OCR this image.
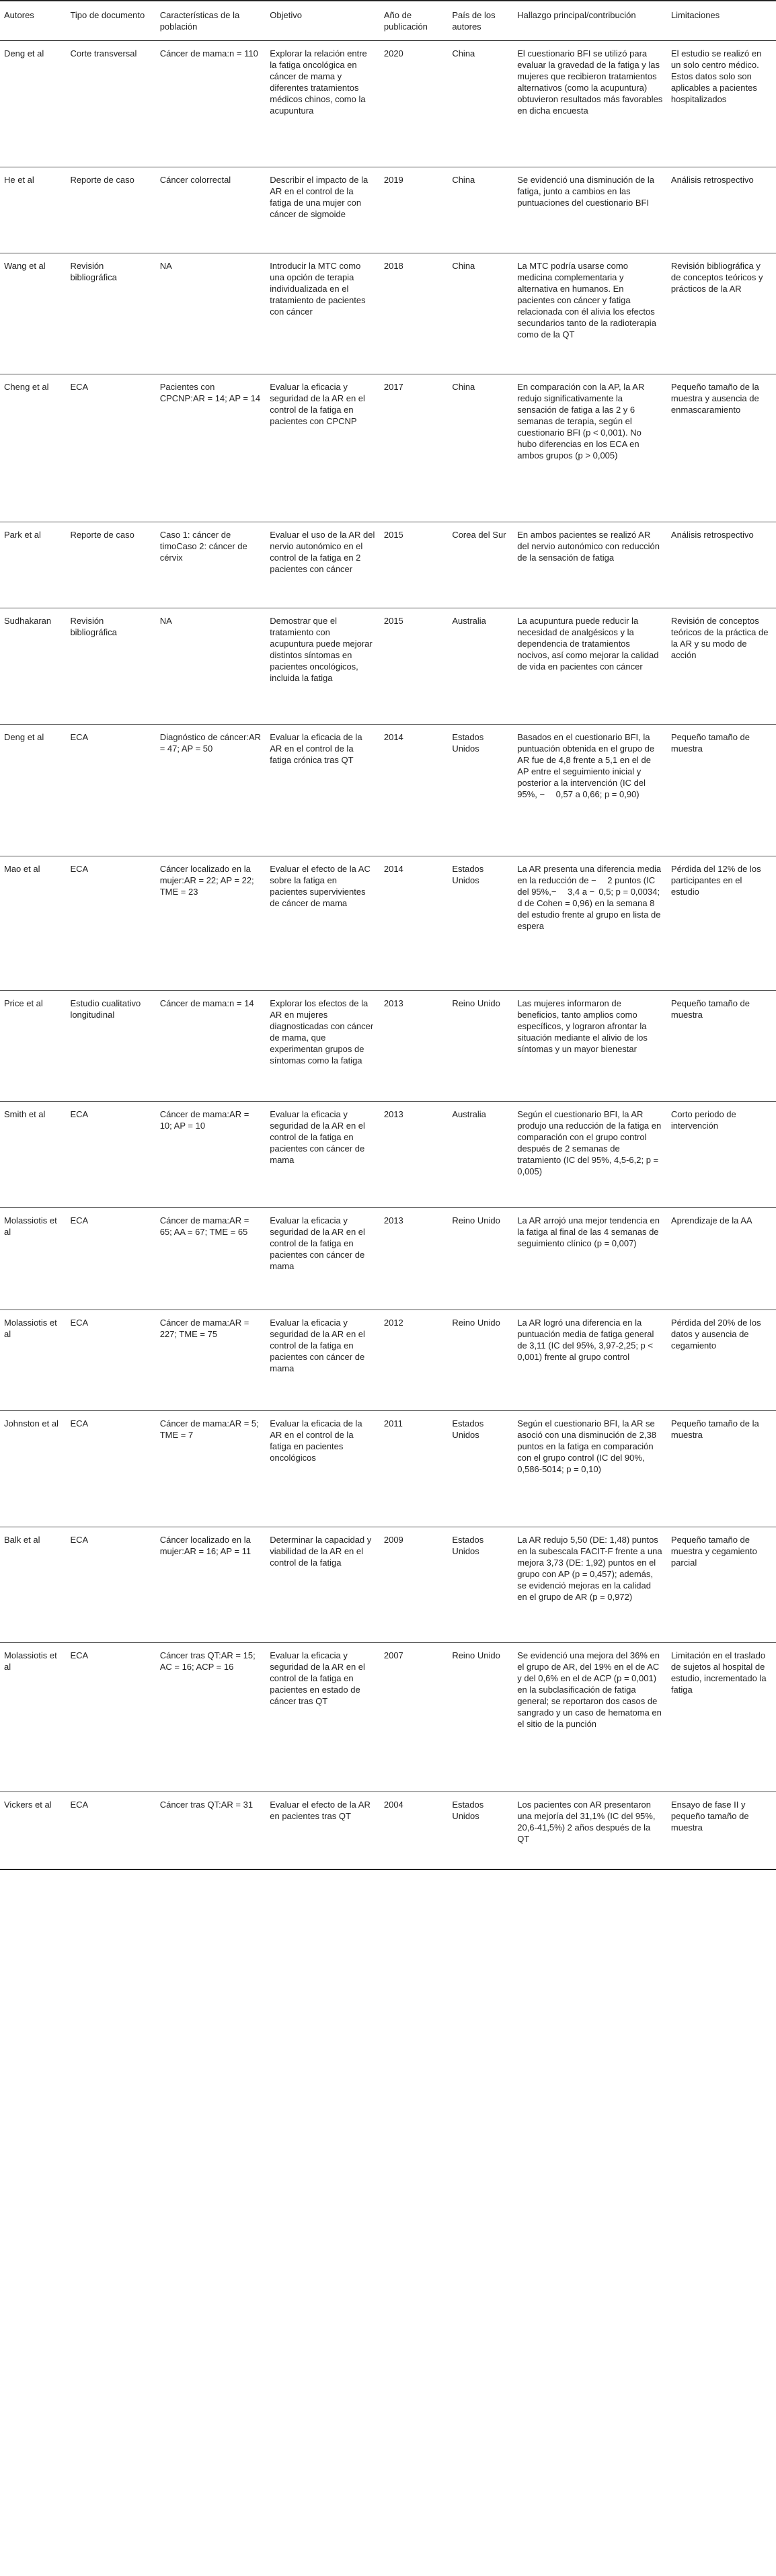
Autores	Tipo de documento	Características de la población	Objetivo	Año de publicación	País de los autores	Hallazgo principal/contribución	Limitaciones
Deng et al	Corte transversal	Cáncer de mama:n = 110	Explorar la relación entre la fatiga oncológica en cáncer de mama y diferentes tratamientos médicos chinos, como la acupuntura	2020	China	El cuestionario BFI se utilizó para evaluar la gravedad de la fatiga y las mujeres que recibieron tratamientos alternativos (como la acupuntura) obtuvieron resultados más favorables en dicha encuesta	El estudio se realizó en un solo centro médico. Estos datos solo son aplicables a pacientes hospitalizados
He et al	Reporte de caso	Cáncer colorrectal	Describir el impacto de la AR en el control de la fatiga de una mujer con cáncer de sigmoide	2019	China	Se evidenció una disminución de la fatiga, junto a cambios en las puntuaciones del cuestionario BFI	Análisis retrospectivo
Wang et al	Revisión bibliográfica	NA	Introducir la MTC como una opción de terapia individualizada en el tratamiento de pacientes con cáncer	2018	China	La MTC podría usarse como medicina complementaria y alternativa en humanos. En pacientes con cáncer y fatiga relacionada con él alivia los efectos secundarios tanto de la radioterapia como de la QT	Revisión bibliográfica y de conceptos teóricos y prácticos de la AR
Cheng et al	ECA	Pacientes con CPCNP:AR = 14; AP = 14	Evaluar la eficacia y seguridad de la AR en el control de la fatiga en pacientes con CPCNP	2017	China	En comparación con la AP, la AR redujo significativamente la sensación de fatiga a las 2 y 6 semanas de terapia, según el cuestionario BFI (p < 0,001). No hubo diferencias en los ECA en ambos grupos (p > 0,005)	Pequeño tamaño de la muestra y ausencia de enmascaramiento
Park et al	Reporte de caso	Caso 1: cáncer de timoCaso 2: cáncer de cérvix	Evaluar el uso de la AR del nervio autonómico en el control de la fatiga en 2 pacientes con cáncer	2015	Corea del Sur	En ambos pacientes se realizó AR del nervio autonómico con reducción de la sensación de fatiga	Análisis retrospectivo
Sudhakaran	Revisión bibliográfica	NA	Demostrar que el tratamiento con acupuntura puede mejorar distintos síntomas en pacientes oncológicos, incluida la fatiga	2015	Australia	La acupuntura puede reducir la necesidad de analgésicos y la dependencia de tratamientos nocivos, así como mejorar la calidad de vida en pacientes con cáncer	Revisión de conceptos teóricos de la práctica de la AR y su modo de acción
Deng et al	ECA	Diagnóstico de cáncer:AR = 47; AP = 50	Evaluar la eficacia de la AR en el control de la fatiga crónica tras QT	2014	Estados Unidos	Basados en el cuestionario BFI, la puntuación obtenida en el grupo de AR fue de 4,8 frente a 5,1 en el de AP entre el seguimiento inicial y posterior a la intervención (IC del 95%, −  0,57 a 0,66; p = 0,90)	Pequeño tamaño de muestra
Mao et al	ECA	Cáncer localizado en la mujer:AR = 22; AP = 22; TME = 23	Evaluar el efecto de la AC sobre la fatiga en pacientes supervivientes de cáncer de mama	2014	Estados Unidos	La AR presenta una diferencia media en la reducción de −  2 puntos (IC del 95%,−  3,4 a −  0,5; p = 0,0034; d de Cohen = 0,96) en la semana 8 del estudio frente al grupo en lista de espera	Pérdida del 12% de los participantes en el estudio
Price et al	Estudio cualitativo longitudinal	Cáncer de mama:n = 14	Explorar los efectos de la AR en mujeres diagnosticadas con cáncer de mama, que experimentan grupos de síntomas como la fatiga	2013	Reino Unido	Las mujeres informaron de beneficios, tanto amplios como específicos, y lograron afrontar la situación mediante el alivio de los síntomas y un mayor bienestar	Pequeño tamaño de muestra
Smith et al	ECA	Cáncer de mama:AR = 10; AP = 10	Evaluar la eficacia y seguridad de la AR en el control de la fatiga en pacientes con cáncer de mama	2013	Australia	Según el cuestionario BFI, la AR produjo una reducción de la fatiga en comparación con el grupo control después de 2 semanas de tratamiento (IC del 95%, 4,5-6,2; p = 0,005)	Corto periodo de intervención
Molassiotis et al	ECA	Cáncer de mama:AR = 65; AA = 67; TME = 65	Evaluar la eficacia y seguridad de la AR en el control de la fatiga en pacientes con cáncer de mama	2013	Reino Unido	La AR arrojó una mejor tendencia en la fatiga al final de las 4 semanas de seguimiento clínico (p = 0,007)	Aprendizaje de la AA
Molassiotis et al	ECA	Cáncer de mama:AR = 227; TME = 75	Evaluar la eficacia y seguridad de la AR en el control de la fatiga en pacientes con cáncer de mama	2012	Reino Unido	La AR logró una diferencia en la puntuación media de fatiga general de 3,11 (IC del 95%, 3,97-2,25; p < 0,001) frente al grupo control	Pérdida del 20% de los datos y ausencia de cegamiento
Johnston et al	ECA	Cáncer de mama:AR = 5; TME = 7	Evaluar la eficacia de la AR en el control de la fatiga en pacientes oncológicos	2011	Estados Unidos	Según el cuestionario BFI, la AR se asoció con una disminución de 2,38 puntos en la fatiga en comparación con el grupo control (IC del 90%, 0,586-5014; p = 0,10)	Pequeño tamaño de la muestra
Balk et al	ECA	Cáncer localizado en la mujer:AR = 16; AP = 11	Determinar la capacidad y viabilidad de la AR en el control de la fatiga	2009	Estados Unidos	La AR redujo 5,50 (DE: 1,48) puntos en la subescala FACIT-F frente a una mejora 3,73 (DE: 1,92) puntos en el grupo con AP (p = 0,457); además, se evidenció mejoras en la calidad en el grupo de AR (p = 0,972)	Pequeño tamaño de muestra y cegamiento parcial
Molassiotis et al	ECA	Cáncer tras QT:AR = 15; AC = 16; ACP = 16	Evaluar la eficacia y seguridad de la AR en el control de la fatiga en pacientes en estado de cáncer tras QT	2007	Reino Unido	Se evidenció una mejora del 36% en el grupo de AR, del 19% en el de AC y del 0,6% en el de ACP (p = 0,001) en la subclasificación de fatiga general; se reportaron dos casos de sangrado y un caso de hematoma en el sitio de la punción	Limitación en el traslado de sujetos al hospital de estudio, incrementado la fatiga
Vickers et al	ECA	Cáncer tras QT:AR = 31	Evaluar el efecto de la AR en pacientes tras QT	2004	Estados Unidos	Los pacientes con AR presentaron una mejoría del 31,1% (IC del 95%, 20,6-41,5%) 2 años después de la QT	Ensayo de fase II y pequeño tamaño de muestra
